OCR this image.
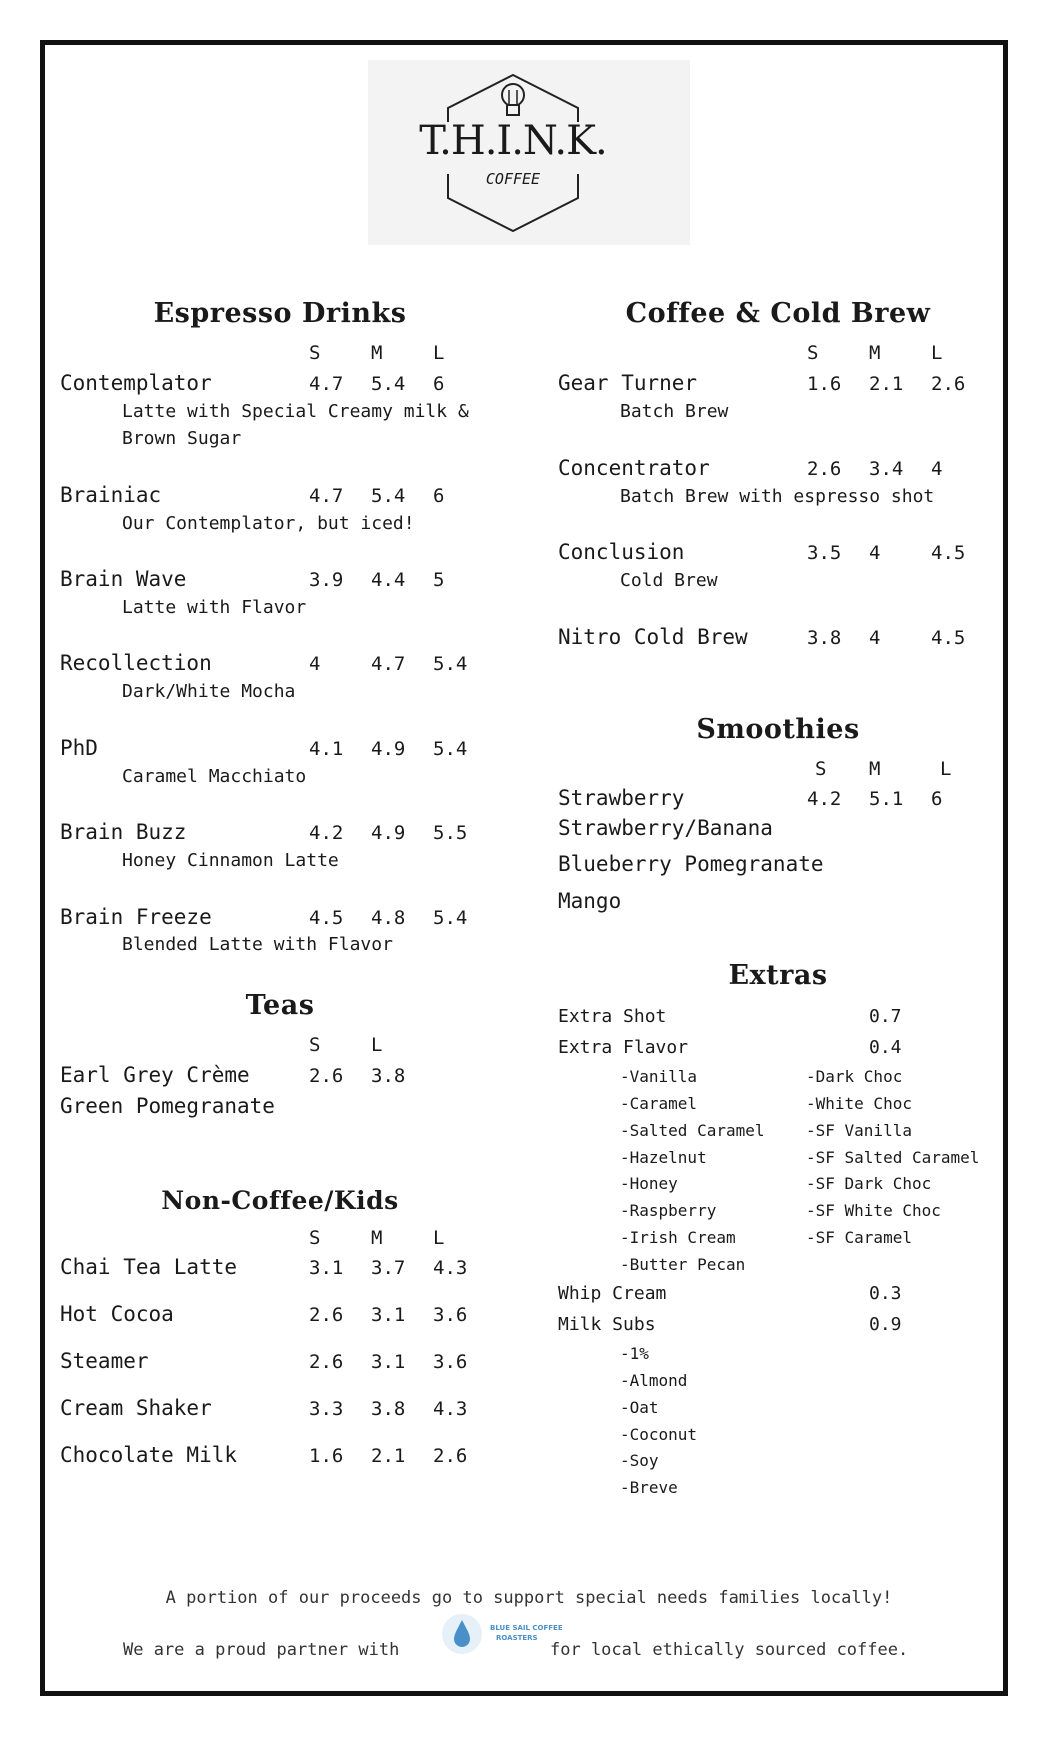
T.H.I.N.K.
COFFEE
Espresso Drinks
S	M	L
Contemplator	4.7 5.4 6
Latte with Special Creamy milk &
Brown Sugar
Brainiac	4.7 5.4 6
Our Contemplator, but iced!
Brain Wave	3.9 4.4 5
Latte with Flavor
Recollection	4	4.7 5.4
Dark/White Mocha
PhD	4.1 4.9 5.4
Caramel Macchiato
Brain Buzz	4.2 4.9 5.5
Honey Cinnamon Latte
Brain Freeze	4.5 4.8 5.4
Blended Latte with Flavor
Teas
S	L
Earl Grey Crème	2.6 3.8
Green Pomegranate
Non-Coffee/Kids
S	M	L
Chai Tea Latte	3.1 3.7 4.3
Hot Cocoa	2.6 3.1 3.6
Steamer	2.6 3.1 3.6
Cream Shaker	3.3 3.8 4.3
Chocolate Milk	1.6 2.1 2.6
Coffee & Cold Brew
S	M	L
Gear Turner	1.6 2.1 2.6
Batch Brew
Concentrator	2.6 3.4 4
Batch Brew with espresso shot
Conclusion	3.5 4	4.5
Cold Brew
Nitro Cold Brew	3.8 4	4.5
Smoothies
S M	L
Strawberry	4.2 5.1 6
Strawberry/Banana
Blueberry Pomegranate
Mango
Extras
Extra Shot	0.7
Extra Flavor	0.4
-Vanilla
-Caramel
-Salted Caramel
-Hazelnut
-Honey
-Raspberry
-Irish Cream
-Butter Pecan
-Dark Choc
-White Choc
-SF Vanilla
-SF Salted Caramel
-SF Dark Choc
-SF White Choc
-SF Caramel
Whip Cream	0.3
Milk Subs	0.9
-1%
-Almond
-Oat
-Coconut
-Soy
-Breve
A portion of our proceeds go to support special needs families locally!
We are a proud partner with
BLUE SAIL COFFEE
ROASTERS
for local ethically sourced coffee.
